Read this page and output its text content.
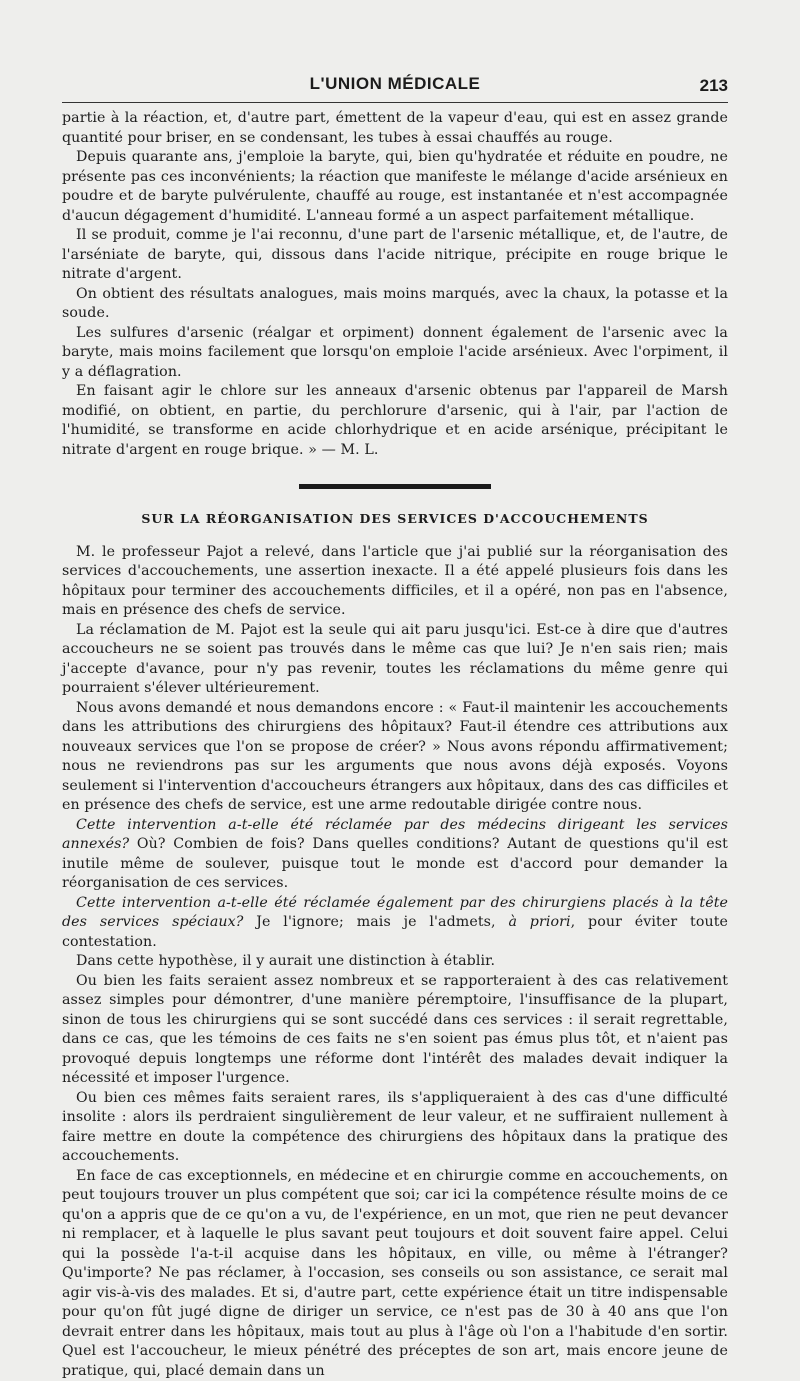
L'UNION MÉDICALE	213

partie à la réaction, et, d'autre part, émettent de la vapeur d'eau, qui est en assez grande quantité pour briser, en se condensant, les tubes à essai chauffés au rouge.

Depuis quarante ans, j'emploie la baryte, qui, bien qu'hydratée et réduite en poudre, ne présente pas ces inconvénients; la réaction que manifeste le mélange d'acide arsénieux en poudre et de baryte pulvérulente, chauffé au rouge, est instantanée et n'est accompagnée d'aucun dégagement d'humidité. L'anneau formé a un aspect parfaitement métallique.

Il se produit, comme je l'ai reconnu, d'une part de l'arsenic métallique, et, de l'autre, de l'arséniate de baryte, qui, dissous dans l'acide nitrique, précipite en rouge brique le nitrate d'argent.

On obtient des résultats analogues, mais moins marqués, avec la chaux, la potasse et la soude.

Les sulfures d'arsenic (réalgar et orpiment) donnent également de l'arsenic avec la baryte, mais moins facilement que lorsqu'on emploie l'acide arsénieux. Avec l'orpiment, il y a déflagration.

En faisant agir le chlore sur les anneaux d'arsenic obtenus par l'appareil de Marsh modifié, on obtient, en partie, du perchlorure d'arsenic, qui à l'air, par l'action de l'humidité, se transforme en acide chlorhydrique et en acide arsénique, précipitant le nitrate d'argent en rouge brique. » — M. L.

SUR LA RÉORGANISATION DES SERVICES D'ACCOUCHEMENTS

M. le professeur Pajot a relevé, dans l'article que j'ai publié sur la réorganisation des services d'accouchements, une assertion inexacte. Il a été appelé plusieurs fois dans les hôpitaux pour terminer des accouchements difficiles, et il a opéré, non pas en l'absence, mais en présence des chefs de service.

La réclamation de M. Pajot est la seule qui ait paru jusqu'ici. Est-ce à dire que d'autres accoucheurs ne se soient pas trouvés dans le même cas que lui? Je n'en sais rien; mais j'accepte d'avance, pour n'y pas revenir, toutes les réclamations du même genre qui pourraient s'élever ultérieurement.

Nous avons demandé et nous demandons encore : « Faut-il maintenir les accouchements dans les attributions des chirurgiens des hôpitaux? Faut-il étendre ces attributions aux nouveaux services que l'on se propose de créer? » Nous avons répondu affirmativement; nous ne reviendrons pas sur les arguments que nous avons déjà exposés. Voyons seulement si l'intervention d'accoucheurs étrangers aux hôpitaux, dans des cas difficiles et en présence des chefs de service, est une arme redoutable dirigée contre nous.

Cette intervention a-t-elle été réclamée par des médecins dirigeant les services annexés? Où? Combien de fois? Dans quelles conditions? Autant de questions qu'il est inutile même de soulever, puisque tout le monde est d'accord pour demander la réorganisation de ces services.

Cette intervention a-t-elle été réclamée également par des chirurgiens placés à la tête des services spéciaux? Je l'ignore; mais je l'admets, à priori, pour éviter toute contestation.

Dans cette hypothèse, il y aurait une distinction à établir.

Ou bien les faits seraient assez nombreux et se rapporteraient à des cas relativement assez simples pour démontrer, d'une manière péremptoire, l'insuffisance de la plupart, sinon de tous les chirurgiens qui se sont succédé dans ces services : il serait regrettable, dans ce cas, que les témoins de ces faits ne s'en soient pas émus plus tôt, et n'aient pas provoqué depuis longtemps une réforme dont l'intérêt des malades devait indiquer la nécessité et imposer l'urgence.

Ou bien ces mêmes faits seraient rares, ils s'appliqueraient à des cas d'une difficulté insolite : alors ils perdraient singulièrement de leur valeur, et ne suffiraient nullement à faire mettre en doute la compétence des chirurgiens des hôpitaux dans la pratique des accouchements.

En face de cas exceptionnels, en médecine et en chirurgie comme en accouchements, on peut toujours trouver un plus compétent que soi; car ici la compétence résulte moins de ce qu'on a appris que de ce qu'on a vu, de l'expérience, en un mot, que rien ne peut devancer ni remplacer, et à laquelle le plus savant peut toujours et doit souvent faire appel. Celui qui la possède l'a-t-il acquise dans les hôpitaux, en ville, ou même à l'étranger? Qu'importe? Ne pas réclamer, à l'occasion, ses conseils ou son assistance, ce serait mal agir vis-à-vis des malades. Et si, d'autre part, cette expérience était un titre indispensable pour qu'on fût jugé digne de diriger un service, ce n'est pas de 30 à 40 ans que l'on devrait entrer dans les hôpitaux, mais tout au plus à l'âge où l'on a l'habitude d'en sortir. Quel est l'accoucheur, le mieux pénétré des préceptes de son art, mais encore jeune de pratique, qui, placé demain dans un
